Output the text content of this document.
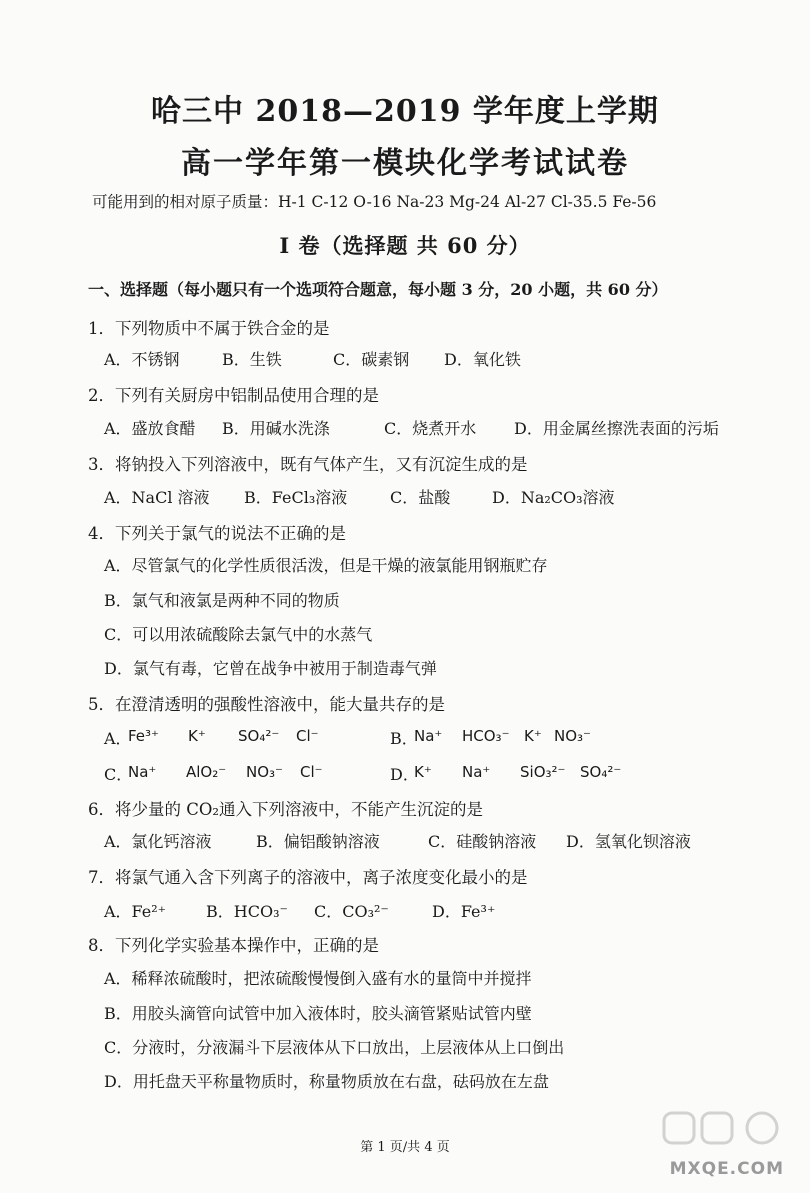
哈三中 2018—2019 学年度上学期
高一学年第一模块化学考试试卷
可能用到的相对原子质量：H-1 C-12 O-16 Na-23 Mg-24 Al-27 Cl-35.5 Fe-56
I 卷（选择题 共 60 分）
一、选择题（每小题只有一个选项符合题意，每小题 3 分，20 小题，共 60 分）
1．下列物质中不属于铁合金的是
A．不锈钢	B．生铁	C．碳素钢 D．氧化铁
2．下列有关厨房中铝制品使用合理的是
A．盛放食醋 B．用碱水洗涤	C．烧煮开水 D．用金属丝擦洗表面的污垢
3．将钠投入下列溶液中，既有气体产生，又有沉淀生成的是
A．NaCl 溶液 B．FeCl₃溶液	C．盐酸	D．Na₂CO₃溶液
4．下列关于氯气的说法不正确的是
A．尽管氯气的化学性质很活泼，但是干燥的液氯能用钢瓶贮存
B．氯气和液氯是两种不同的物质
C．可以用浓硫酸除去氯气中的水蒸气
D．氯气有毒，它曾在战争中被用于制造毒气弹
5．在澄清透明的强酸性溶液中，能大量共存的是
A．
Fe³⁺ K⁺ SO₄²⁻ Cl⁻	B．
Na⁺ HCO₃⁻ K⁺ NO₃⁻
C．
Na⁺ AlO₂⁻ NO₃⁻ Cl⁻	D．
K⁺ Na⁺ SiO₃²⁻ SO₄²⁻
6．将少量的 CO₂通入下列溶液中，不能产生沉淀的是
A．氯化钙溶液	B．偏铝酸钠溶液	C．硅酸钠溶液 D．氢氧化钡溶液
7．将氯气通入含下列离子的溶液中，离子浓度变化最小的是
A．Fe²⁺ B．HCO₃⁻ C．CO₃²⁻	D．Fe³⁺
8．下列化学实验基本操作中，正确的是
A．稀释浓硫酸时，把浓硫酸慢慢倒入盛有水的量筒中并搅拌
B．用胶头滴管向试管中加入液体时，胶头滴管紧贴试管内壁
C．分液时，分液漏斗下层液体从下口放出，上层液体从上口倒出
D．用托盘天平称量物质时，称量物质放在右盘，砝码放在左盘
第 1 页/共 4 页
MXQE.COM
